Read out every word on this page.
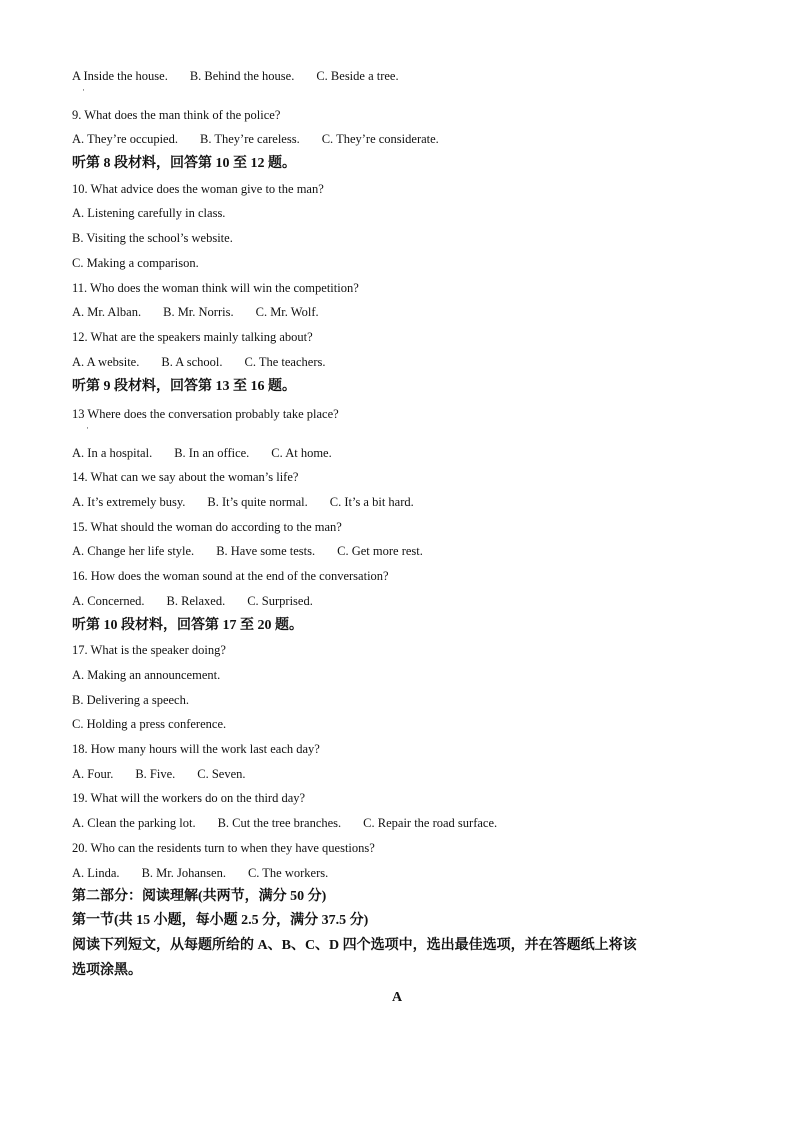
A Inside the house. B. Behind the house. C. Beside a tree.
·
9. What does the man think of the police?
A. They’re occupied. B. They’re careless. C. They’re considerate.
听第 8 段材料，回答第 10 至 12 题。
10. What advice does the woman give to the man?
A. Listening carefully in class.
B. Visiting the school’s website.
C. Making a comparison.
11. Who does the woman think will win the competition?
A. Mr. Alban. B. Mr. Norris. C. Mr. Wolf.
12. What are the speakers mainly talking about?
A. A website. B. A school. C. The teachers.
听第 9 段材料，回答第 13 至 16 题。
13 Where does the conversation probably take place?
·
A. In a hospital. B. In an office. C. At home.
14. What can we say about the woman’s life?
A. It’s extremely busy. B. It’s quite normal. C. It’s a bit hard.
15. What should the woman do according to the man?
A. Change her life style. B. Have some tests. C. Get more rest.
16. How does the woman sound at the end of the conversation?
A. Concerned. B. Relaxed. C. Surprised.
听第 10 段材料，回答第 17 至 20 题。
17. What is the speaker doing?
A. Making an announcement.
B. Delivering a speech.
C. Holding a press conference.
18. How many hours will the work last each day?
A. Four. B. Five. C. Seven.
19. What will the workers do on the third day?
A. Clean the parking lot. B. Cut the tree branches. C. Repair the road surface.
20. Who can the residents turn to when they have questions?
A. Linda. B. Mr. Johansen. C. The workers.
第二部分：阅读理解(共两节，满分 50 分)
第一节(共 15 小题，每小题 2.5 分，满分 37.5 分)
阅读下列短文，从每题所给的 A、B、C、D 四个选项中，选出最佳选项，并在答题纸上将该
选项涂黑。
A
